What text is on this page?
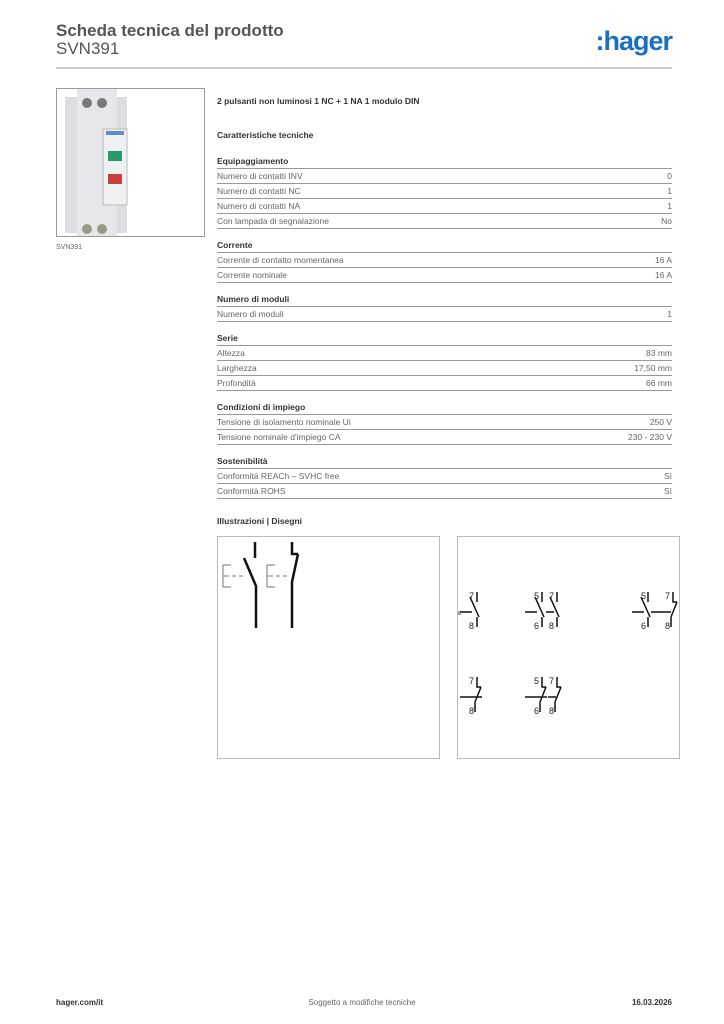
Scheda tecnica del prodotto
SVN391	:hager
SVN391
2 pulsanti non luminosi 1 NC + 1 NA 1 modulo DIN
Caratteristiche tecniche
Equipaggiamento
Numero di contatti INV	0
Numero di contatti NC	1
Numero di contatti NA	1
Con lampada di segnalazione	No
Corrente
Corrente di contatto momentanea	16 A
Corrente nominale	16 A
Numero di moduli
Numero di moduli	1
Serie
Altezza	83 mm
Larghezza	17,50 mm
Profondità	66 mm
Condizioni di impiego
Tensione di isolamento nominale Ui	250 V
Tensione nominale d'impiego CA	230 - 230 V
Sostenibilità
Conformità REACh – SVHC free	Sì
Conformità ROHS	Sì
Illustrazioni | Disegni
7
8
5
6
7
8
5
6
7
8
7
8
5
6
7
8
E
hager.com/it	Soggetto a modifiche tecniche	16.03.2026
